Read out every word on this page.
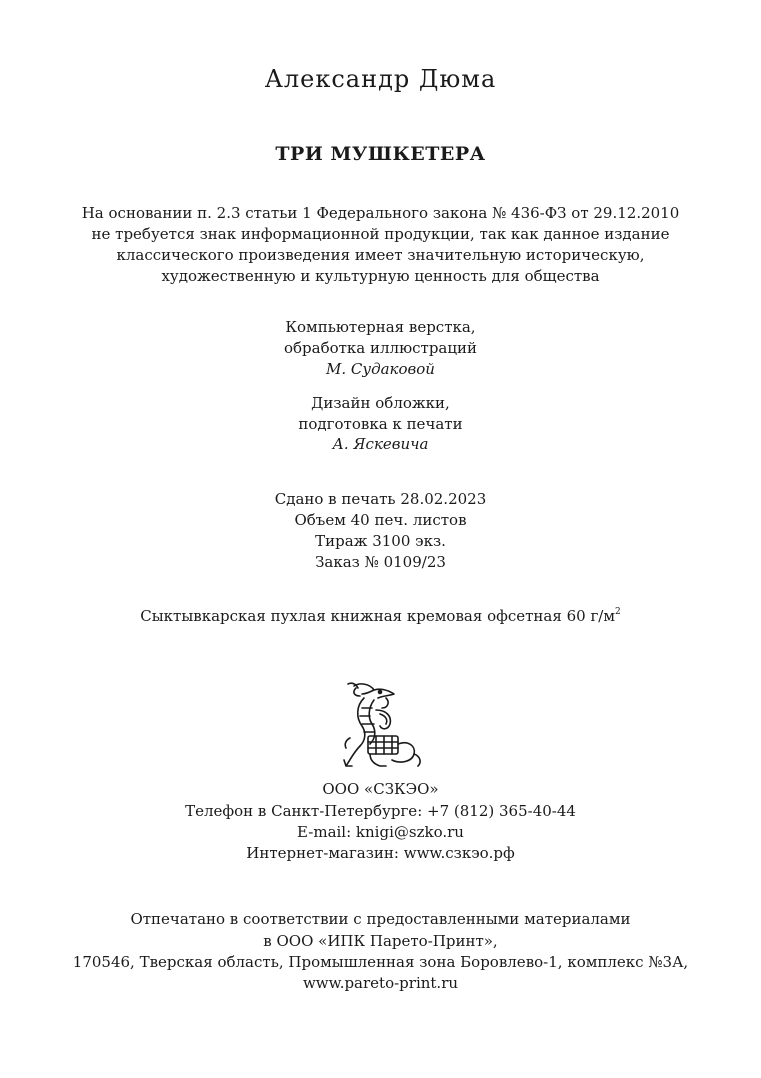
Александр Дюма
ТРИ МУШКЕТЕРА
На основании п. 2.3 статьи 1 Федерального закона № 436-ФЗ от 29.12.2010
не требуется знак информационной продукции, так как данное издание
классического произведения имеет значительную историческую,
художественную и культурную ценность для общества
Компьютерная верстка,
обработка иллюстраций
М. Судаковой
Дизайн обложки,
подготовка к печати
А. Яскевича
Сдано в печать 28.02.2023
Объем 40 печ. листов
Тираж 3100 экз.
Заказ № 0109/23
Сыктывкарская пухлая книжная кремовая офсетная 60 $г/м^2$
ООО «СЗКЭО»
Телефон в Санкт-Петербурге: +7 (812) 365-40-44
E-mail: knigi@szko.ru
Интернет-магазин: www.сзкэо.рф
Отпечатано в соответствии с предоставленными материалами
в ООО «ИПК Парето-Принт»,
170546, Тверская область, Промышленная зона Боровлево-1, комплекс №3А,
www.pareto-print.ru
